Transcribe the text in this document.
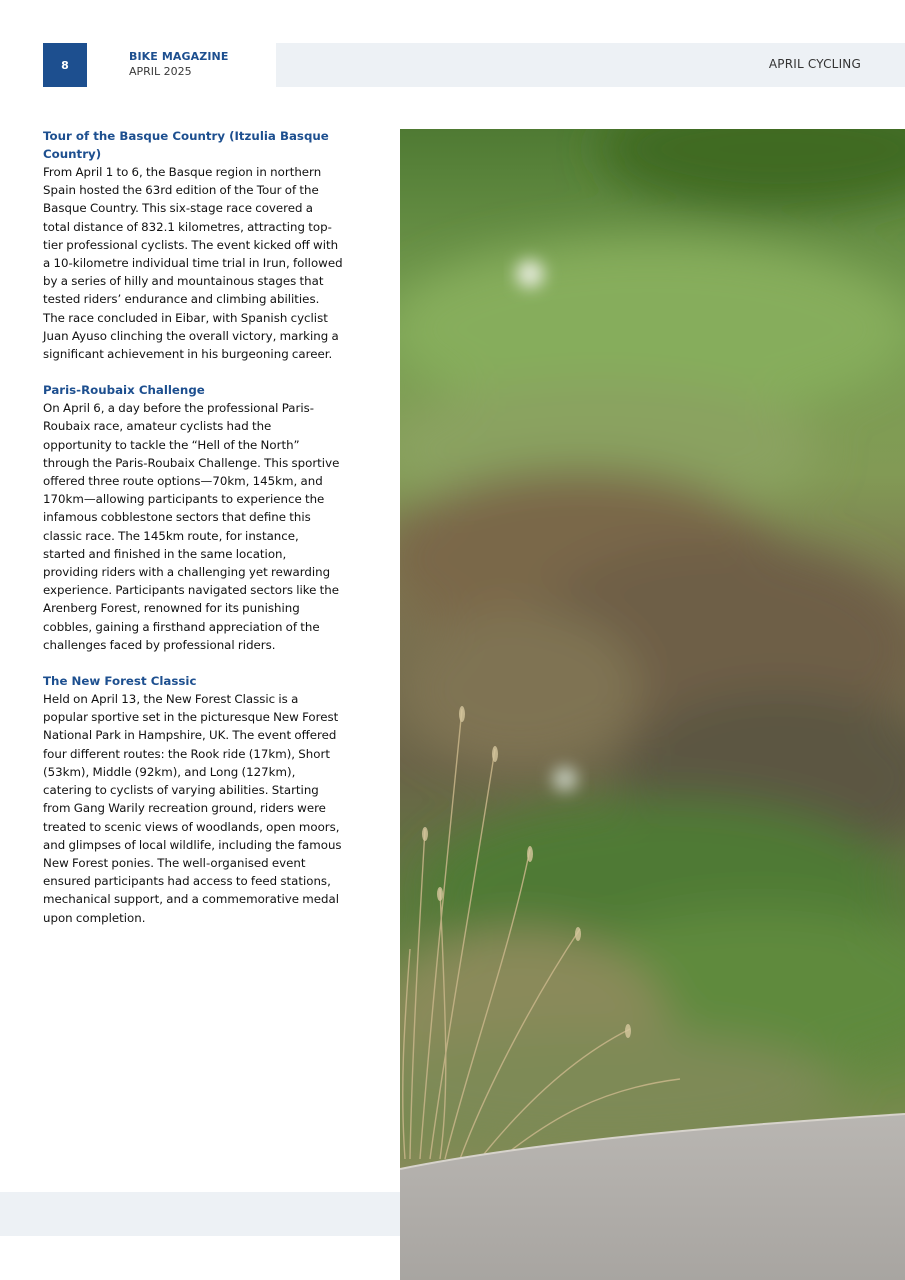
8
BIKE MAGAZINE
APRIL 2025
APRIL CYCLING
Tour of the Basque Country (Itzulia Basque Country)

From April 1 to 6, the Basque region in northern Spain hosted the 63rd edition of the Tour of the Basque Country. This six-stage race covered a total distance of 832.1 kilometres, attracting top-tier professional cyclists. The event kicked off with a 10-kilometre individual time trial in Irun, followed by a series of hilly and mountainous stages that tested riders’ endurance and climbing abilities. The race concluded in Eibar, with Spanish cyclist Juan Ayuso clinching the overall victory, marking a significant achievement in his burgeoning career.

Paris-Roubaix Challenge

On April 6, a day before the professional Paris-Roubaix race, amateur cyclists had the opportunity to tackle the “Hell of the North” through the Paris-Roubaix Challenge. This sportive offered three route options—70km, 145km, and 170km—allowing participants to experience the infamous cobblestone sectors that define this classic race. The 145km route, for instance, started and finished in the same location, providing riders with a challenging yet rewarding experience. Participants navigated sectors like the Arenberg Forest, renowned for its punishing cobbles, gaining a firsthand appreciation of the challenges faced by professional riders.

The New Forest Classic

Held on April 13, the New Forest Classic is a popular sportive set in the picturesque New Forest National Park in Hampshire, UK. The event offered four different routes: the Rook ride (17km), Short (53km), Middle (92km), and Long (127km), catering to cyclists of varying abilities. Starting from Gang Warily recreation ground, riders were treated to scenic views of woodlands, open moors, and glimpses of local wildlife, including the famous New Forest ponies. The well-organised event ensured participants had access to feed stations, mechanical support, and a commemorative medal upon completion.
